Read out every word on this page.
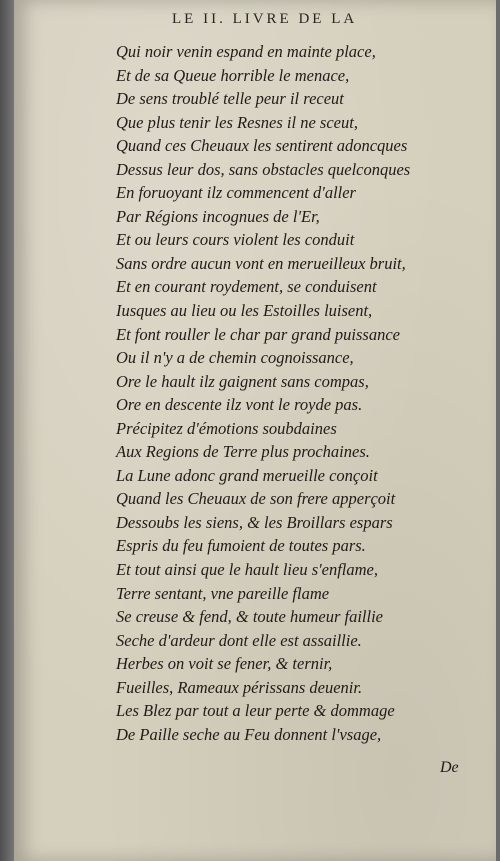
LE II. LIVRE DE LA
Qui noir venin espand en mainte place,
Et de sa Queue horrible le menace,
De sens troublé telle peur il receut
Que plus tenir les Resnes il ne sceut,
Quand ces Cheuaux les sentirent adoncques
Dessus leur dos, sans obstacles quelconques
En foruoyant ilz commencent d'aller
Par Régions incognues de l'Er,
Et ou leurs cours violent les conduit
Sans ordre aucun vont en merueilleux bruit,
Et en courant roydement, se conduisent
Iusques au lieu ou les Estoilles luisent,
Et font rouller le char par grand puissance
Ou il n'y a de chemin cognoissance,
Ore le hault ilz gaignent sans compas,
Ore en descente ilz vont le royde pas.
Précipitez d'émotions soubdaines
Aux Regions de Terre plus prochaines.
La Lune adonc grand merueille conçoit
Quand les Cheuaux de son frere apperçoit
Dessoubs les siens, & les Broillars espars
Espris du feu fumoient de toutes pars.
Et tout ainsi que le hault lieu s'enflame,
Terre sentant, vne pareille flame
Se creuse & fend, & toute humeur faillie
Seche d'ardeur dont elle est assaillie.
Herbes on voit se fener, & ternir,
Fueilles, Rameaux périssans deuenir.
Les Blez par tout a leur perte & dommage
De Paille seche au Feu donnent l'vsage,
De
